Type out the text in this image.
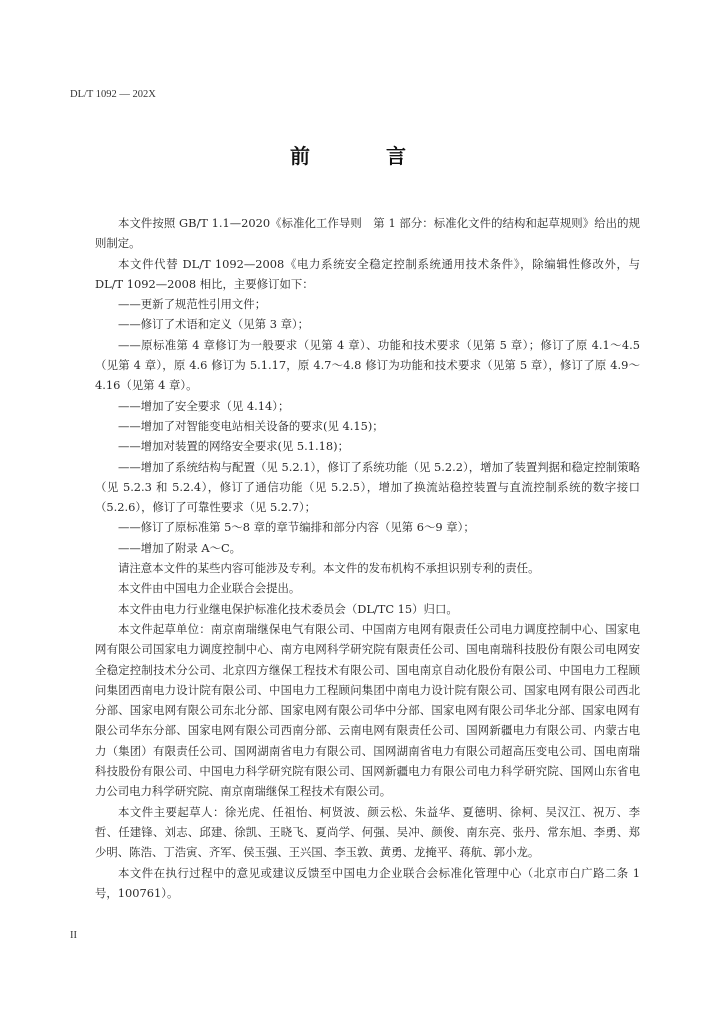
DL/T 1092 — 202X
前　言

本文件按照 GB/T 1.1—2020《标准化工作导则　第 1 部分：标准化文件的结构和起草规则》给出的规则制定。

本文件代替 DL/T 1092—2008《电力系统安全稳定控制系统通用技术条件》，除编辑性修改外，与 DL/T 1092—2008 相比，主要修订如下：

——更新了规范性引用文件；

——修订了术语和定义（见第 3 章）；

——原标准第 4 章修订为一般要求（见第 4 章）、功能和技术要求（见第 5 章）；修订了原 4.1～4.5（见第 4 章），原 4.6 修订为 5.1.17，原 4.7～4.8 修订为功能和技术要求（见第 5 章），修订了原 4.9～4.16（见第 4 章）。

——增加了安全要求（见 4.14）；

——增加了对智能变电站相关设备的要求(见 4.15)；

——增加对装置的网络安全要求(见 5.1.18)；

——增加了系统结构与配置（见 5.2.1），修订了系统功能（见 5.2.2），增加了装置判据和稳定控制策略（见 5.2.3 和 5.2.4），修订了通信功能（见 5.2.5），增加了换流站稳控装置与直流控制系统的数字接口（5.2.6），修订了可靠性要求（见 5.2.7）；

——修订了原标准第 5～8 章的章节编排和部分内容（见第 6～9 章）；

——增加了附录 A～C。

请注意本文件的某些内容可能涉及专利。本文件的发布机构不承担识别专利的责任。

本文件由中国电力企业联合会提出。

本文件由电力行业继电保护标准化技术委员会（DL/TC 15）归口。

本文件起草单位：南京南瑞继保电气有限公司、中国南方电网有限责任公司电力调度控制中心、国家电网有限公司国家电力调度控制中心、南方电网科学研究院有限责任公司、国电南瑞科技股份有限公司电网安全稳定控制技术分公司、北京四方继保工程技术有限公司、国电南京自动化股份有限公司、中国电力工程顾问集团西南电力设计院有限公司、中国电力工程顾问集团中南电力设计院有限公司、国家电网有限公司西北分部、国家电网有限公司东北分部、国家电网有限公司华中分部、国家电网有限公司华北分部、国家电网有限公司华东分部、国家电网有限公司西南分部、云南电网有限责任公司、国网新疆电力有限公司、内蒙古电力（集团）有限责任公司、国网湖南省电力有限公司、国网湖南省电力有限公司超高压变电公司、国电南瑞科技股份有限公司、中国电力科学研究院有限公司、国网新疆电力有限公司电力科学研究院、国网山东省电力公司电力科学研究院、南京南瑞继保工程技术有限公司。

本文件主要起草人：徐光虎、任祖怡、柯贤波、颜云松、朱益华、夏德明、徐柯、吴汉江、祝万、李哲、任建锋、刘志、邱建、徐凯、王晓飞、夏尚学、何强、吴冲、颜俊、南东亮、张丹、常东旭、李勇、郑少明、陈浩、丁浩寅、齐军、侯玉强、王兴国、李玉敦、黄勇、龙掩平、蒋航、郭小龙。

本文件在执行过程中的意见或建议反馈至中国电力企业联合会标准化管理中心（北京市白广路二条 1 号，100761）。

II
